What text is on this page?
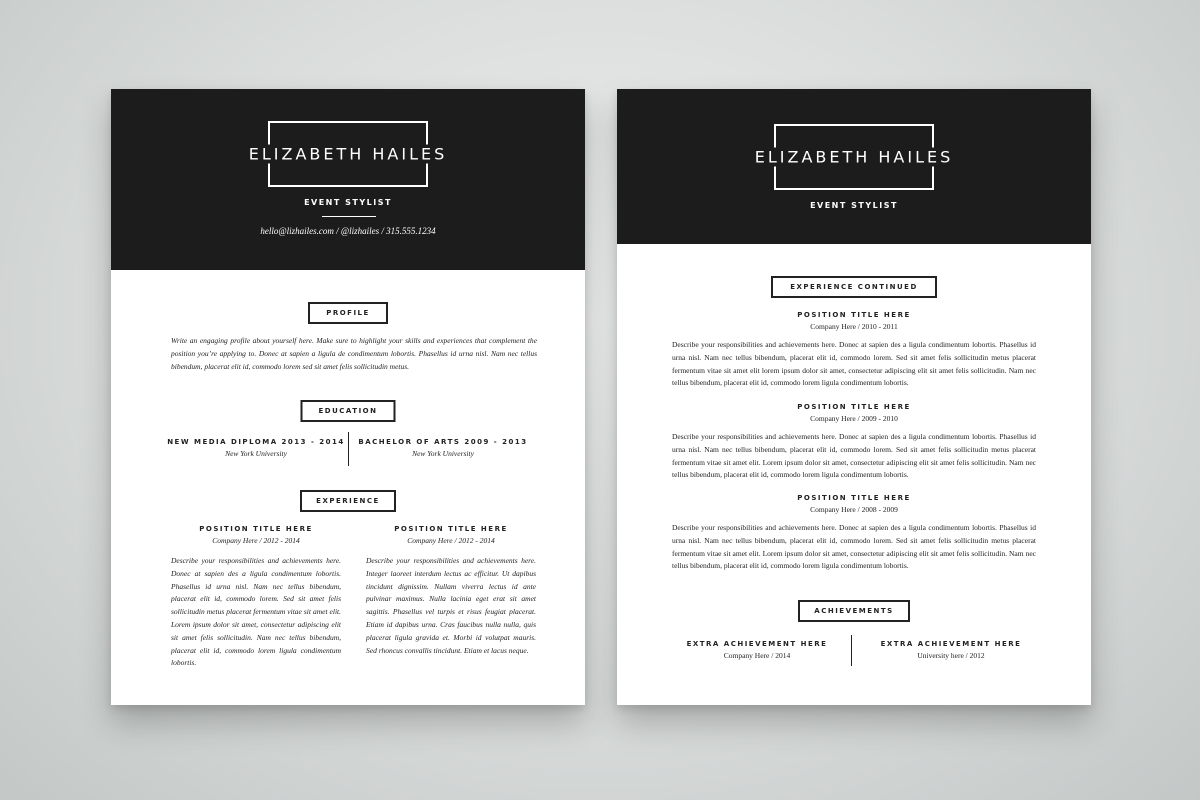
ELIZABETH HAILES
EVENT STYLIST
hello@lizhailes.com / @lizhailes / 315.555.1234
PROFILE
Write an engaging profile about yourself here. Make sure to highlight your skills and experiences that complement the position you’re applying to. Donec at sapien a ligula de condimentum lobortis. Phasellus id urna nisl. Nam nec tellus bibendum, placerat elit id, commodo lorem sed sit amet felis sollicitudin metus.
EDUCATION
NEW MEDIA DIPLOMA 2013 - 2014
New York University
BACHELOR OF ARTS 2009 - 2013
New York University
EXPERIENCE
POSITION TITLE HERE
Company Here / 2012 - 2014
Describe your responsibilities and achievements here. Donec at sapien des a ligula condimentum lobortis. Phasellus id urna nisl. Nam nec tellus bibendum, placerat elit id, commodo lorem. Sed sit amet felis sollicitudin metus placerat fermentum vitae sit amet elit. Lorem ipsum dolor sit amet, consectetur adipiscing elit sit amet felis sollicitudin. Nam nec tellus bibendum, placerat elit id, commodo lorem ligula condimentum lobortis.
POSITION TITLE HERE
Company Here / 2012 - 2014
Describe your responsibilities and achievements here. Integer laoreet interdum lectus ac efficitur. Ut dapibus tincidunt dignissim. Nullam viverra lectus id ante pulvinar maximus. Nulla lacinia eget erat sit amet sagittis. Phasellus vel turpis et risus feugiat placerat. Etiam id dapibus urna. Cras faucibus nulla nulla, quis placerat ligula gravida et. Morbi id volutpat mauris. Sed rhoncus convallis tincidunt. Etiam et lacus neque.
ELIZABETH HAILES
EVENT STYLIST
EXPERIENCE CONTINUED
POSITION TITLE HERE
Company Here / 2010 - 2011
Describe your responsibilities and achievements here. Donec at sapien des a ligula condimentum lobortis. Phasellus id urna nisl. Nam nec tellus bibendum, placerat elit id, commodo lorem. Sed sit amet felis sollicitudin metus placerat fermentum vitae sit amet elit lorem ipsum dolor sit amet, consectetur adipiscing elit sit amet felis sollicitudin. Nam nec tellus bibendum, placerat elit id, commodo lorem ligula condimentum lobortis.
POSITION TITLE HERE
Company Here / 2009 - 2010
Describe your responsibilities and achievements here. Donec at sapien des a ligula condimentum lobortis. Phasellus id urna nisl. Nam nec tellus bibendum, placerat elit id, commodo lorem. Sed sit amet felis sollicitudin metus placerat fermentum vitae sit amet elit. Lorem ipsum dolor sit amet, consectetur adipiscing elit sit amet felis sollicitudin. Nam nec tellus bibendum, placerat elit id, commodo lorem ligula condimentum lobortis.
POSITION TITLE HERE
Company Here / 2008 - 2009
Describe your responsibilities and achievements here. Donec at sapien des a ligula condimentum lobortis. Phasellus id urna nisl. Nam nec tellus bibendum, placerat elit id, commodo lorem. Sed sit amet felis sollicitudin metus placerat fermentum vitae sit amet elit. Lorem ipsum dolor sit amet, consectetur adipiscing elit sit amet felis sollicitudin. Nam nec tellus bibendum, placerat elit id, commodo lorem ligula condimentum lobortis.
ACHIEVEMENTS
EXTRA ACHIEVEMENT HERE
Company Here / 2014
EXTRA ACHIEVEMENT HERE
University here / 2012
